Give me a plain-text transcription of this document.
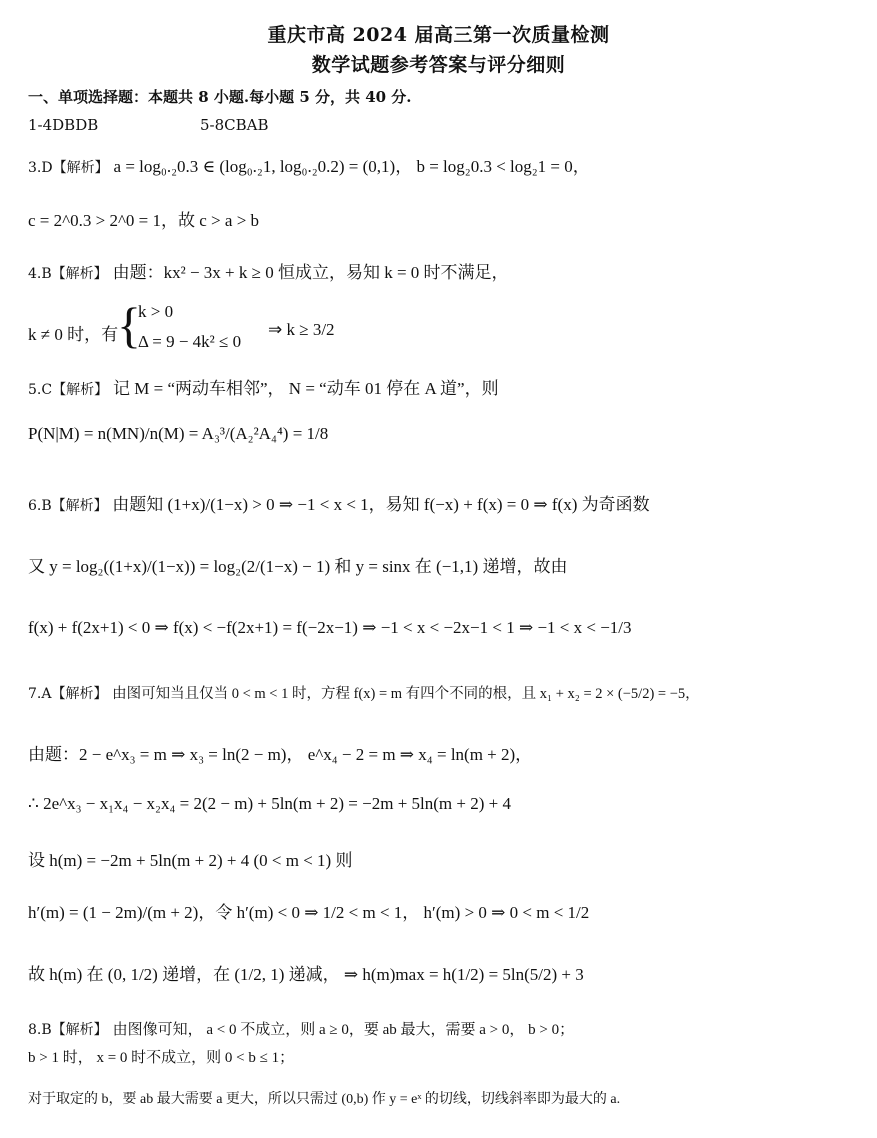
重庆市高 2024 届高三第一次质量检测
数学试题参考答案与评分细则
一、单项选择题：本题共 8 小题.每小题 5 分，共 40 分.
1-4DBDB	5-8CBAB
3.D【解析】 a = log₀.₂0.3 ∈ (log₀.₂1, log₀.₂0.2) = (0,1)， b = log₂0.3 < log₂1 = 0，
c = 2^0.3 > 2^0 = 1，故 c > a > b
4.B【解析】 由题：kx² − 3x + k ≥ 0 恒成立，易知 k = 0 时不满足，
k ≠ 0 时，有
{
k > 0
Δ = 9 − 4k² ≤ 0
⇒ k ≥ 3/2
5.C【解析】 记 M = “两动车相邻”， N = “动车 01 停在 A 道”，则
P(N|M) = n(MN)/n(M) = A₃³/(A₂²A₄⁴) = 1/8
6.B【解析】 由题知 (1+x)/(1−x) > 0 ⇒ −1 < x < 1，易知 f(−x) + f(x) = 0 ⇒ f(x) 为奇函数
又 y = log₂((1+x)/(1−x)) = log₂(2/(1−x) − 1) 和 y = sinx 在 (−1,1) 递增，故由
f(x) + f(2x+1) < 0 ⇒ f(x) < −f(2x+1) = f(−2x−1) ⇒ −1 < x < −2x−1 < 1 ⇒ −1 < x < −1/3
7.A【解析】 由图可知当且仅当 0 < m < 1 时，方程 f(x) = m 有四个不同的根，且 x₁ + x₂ = 2 × (−5/2) = −5，
由题：2 − e^x₃ = m ⇒ x₃ = ln(2 − m)， e^x₄ − 2 = m ⇒ x₄ = ln(m + 2)，
∴ 2e^x₃ − x₁x₄ − x₂x₄ = 2(2 − m) + 5ln(m + 2) = −2m + 5ln(m + 2) + 4
设 h(m) = −2m + 5ln(m + 2) + 4 (0 < m < 1) 则
h′(m) = (1 − 2m)/(m + 2)，令 h′(m) < 0 ⇒ 1/2 < m < 1， h′(m) > 0 ⇒ 0 < m < 1/2
故 h(m) 在 (0, 1/2) 递增，在 (1/2, 1) 递减， ⇒ h(m)max = h(1/2) = 5ln(5/2) + 3
8.B【解析】 由图像可知， a < 0 不成立，则 a ≥ 0，要 ab 最大，需要 a > 0， b > 0；
b > 1 时， x = 0 时不成立，则 0 < b ≤ 1；
对于取定的 b，要 ab 最大需要 a 更大，所以只需过 (0,b) 作 y = eˣ 的切线，切线斜率即为最大的 a.
